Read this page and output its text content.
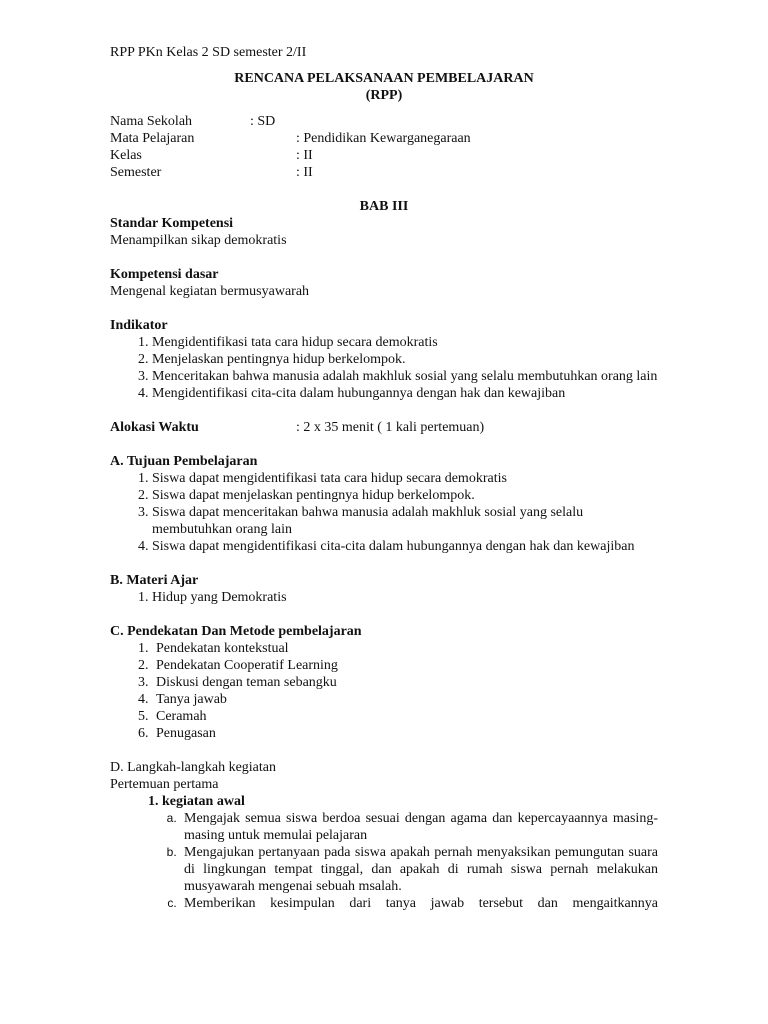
RPP PKn Kelas 2 SD semester 2/II

RENCANA PELAKSANAAN PEMBELAJARAN

(RPP)

Nama Sekolah	: SD
Mata Pelajaran	: Pendidikan Kewarganegaraan
Kelas	: II
Semester	: II
BAB III
Standar Kompetensi
Menampilkan sikap demokratis
Kompetensi dasar
Mengenal kegiatan bermusyawarah
Indikator
1. Mengidentifikasi tata cara hidup secara demokratis
2. Menjelaskan pentingnya hidup berkelompok.
3. Menceritakan bahwa manusia adalah makhluk sosial yang selalu membutuhkan orang lain
4. Mengidentifikasi cita-cita dalam hubungannya dengan hak dan kewajiban
Alokasi Waktu	: 2 x 35 menit ( 1 kali pertemuan)
A. Tujuan Pembelajaran
1. Siswa dapat mengidentifikasi tata cara hidup secara demokratis
2. Siswa dapat menjelaskan pentingnya hidup berkelompok.
3. Siswa dapat menceritakan bahwa manusia adalah makhluk sosial yang selalu membutuhkan orang lain
4. Siswa dapat mengidentifikasi cita-cita dalam hubungannya dengan hak dan kewajiban
B. Materi Ajar
1. Hidup yang Demokratis
C. Pendekatan Dan Metode pembelajaran
1. Pendekatan kontekstual
2. Pendekatan Cooperatif Learning
3. Diskusi dengan teman sebangku
4. Tanya jawab
5. Ceramah
6. Penugasan
D. Langkah-langkah kegiatan
Pertemuan pertama
1. kegiatan awal
a. Mengajak semua siswa berdoa sesuai dengan agama dan kepercayaannya masing-masing untuk memulai pelajaran
b. Mengajukan pertanyaan pada siswa apakah pernah menyaksikan pemungutan suara di lingkungan tempat tinggal, dan apakah di rumah siswa pernah melakukan musyawarah mengenai sebuah msalah.
c. Memberikan kesimpulan dari tanya jawab tersebut dan mengaitkannya
